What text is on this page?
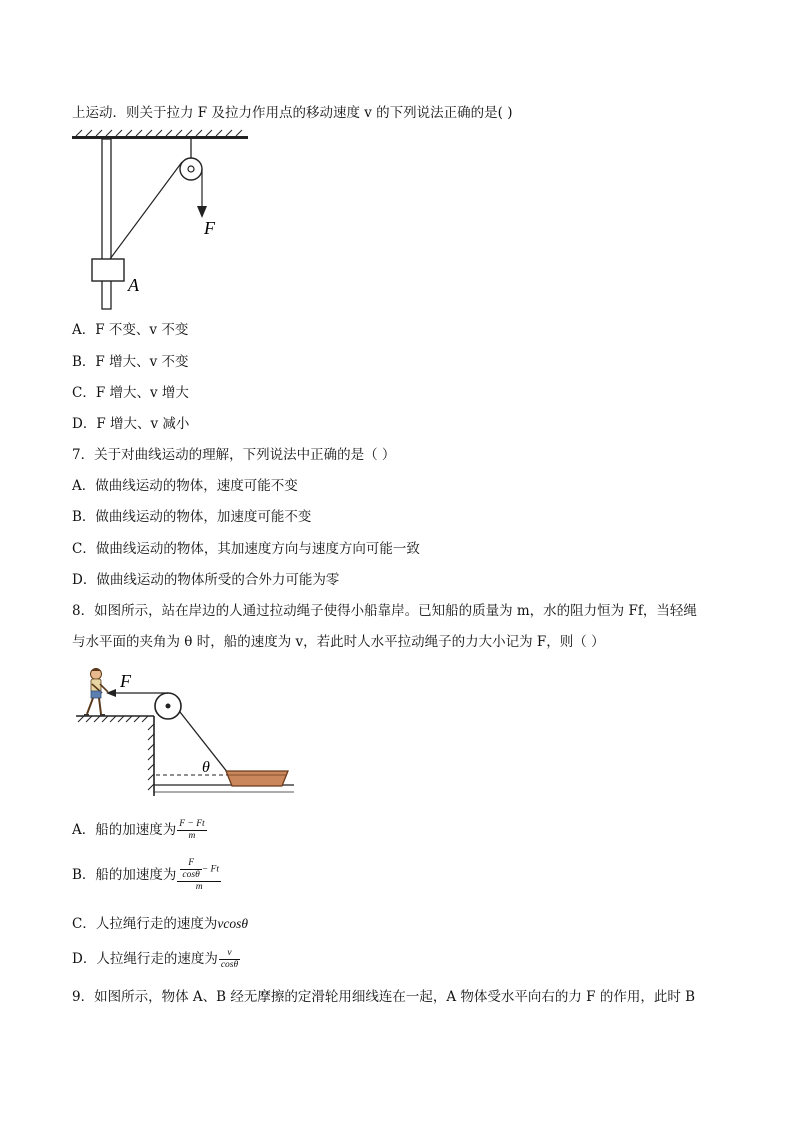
上运动．则关于拉力 F 及拉力作用点的移动速度 v 的下列说法正确的是( )
F
A
A．F 不变、v 不变
B．F 增大、v 不变
C．F 增大、v 增大
D．F 增大、v 减小
7．关于对曲线运动的理解，下列说法中正确的是（ ）
A．做曲线运动的物体，速度可能不变
B．做曲线运动的物体，加速度可能不变
C．做曲线运动的物体，其加速度方向与速度方向可能一致
D．做曲线运动的物体所受的合外力可能为零
8．如图所示，站在岸边的人通过拉动绳子使得小船靠岸。已知船的质量为 m，水的阻力恒为 Ff，当轻绳
与水平面的夹角为 θ 时，船的速度为 v，若此时人水平拉动绳子的力大小记为 F，则（ ）
F
θ
A．船的加速度为 $\frac{F - Ft}{m}$
B．船的加速度为 $\frac{\frac{F}{\cos\theta} - Ft}{m}$
C．人拉绳行走的速度为vcosθ
D．人拉绳行走的速度为 $\frac{v}{\cos\theta}$
9．如图所示，物体 A、B 经无摩擦的定滑轮用细线连在一起，A 物体受水平向右的力 F 的作用，此时 B
